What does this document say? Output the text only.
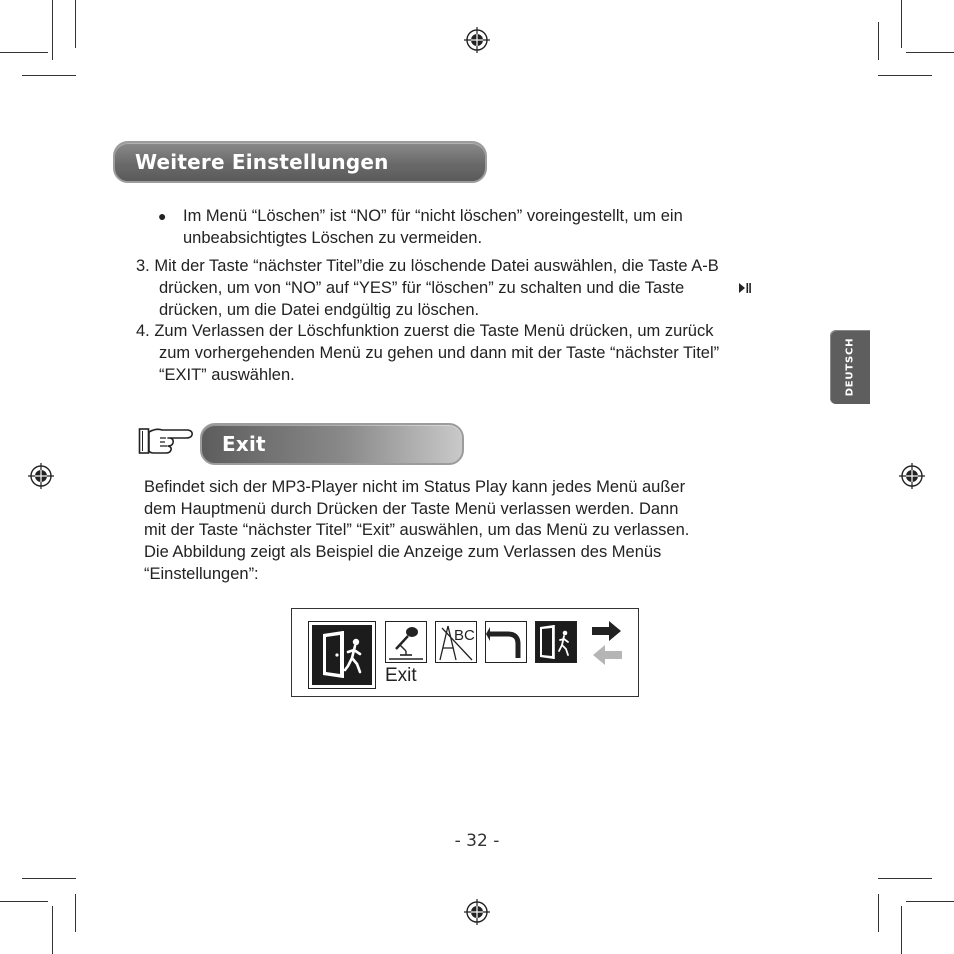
Weitere Einstellungen
● Im Menü “Löschen” ist “NO” für “nicht löschen” voreingestellt, um ein
unbeabsichtigtes Löschen zu vermeiden.
3. Mit der Taste “nächster Titel”die zu löschende Datei auswählen, die Taste A-B
drücken, um von “NO” auf “YES” für “löschen” zu schalten und die Taste
drücken, um die Datei endgültig zu löschen.
4. Zum Verlassen der Löschfunktion zuerst die Taste Menü drücken, um zurück
zum vorhergehenden Menü zu gehen und dann mit der Taste “nächster Titel”
“EXIT” auswählen.	DEUTSCH
Exit
Befindet sich der MP3-Player nicht im Status Play kann jedes Menü außer
dem Hauptmenü durch Drücken der Taste Menü verlassen werden. Dann
mit der Taste “nächster Titel” “Exit” auswählen, um das Menü zu verlassen.
Die Abbildung zeigt als Beispiel die Anzeige zum Verlassen des Menüs
“Einstellungen”:
BC
Exit
- 32 -
